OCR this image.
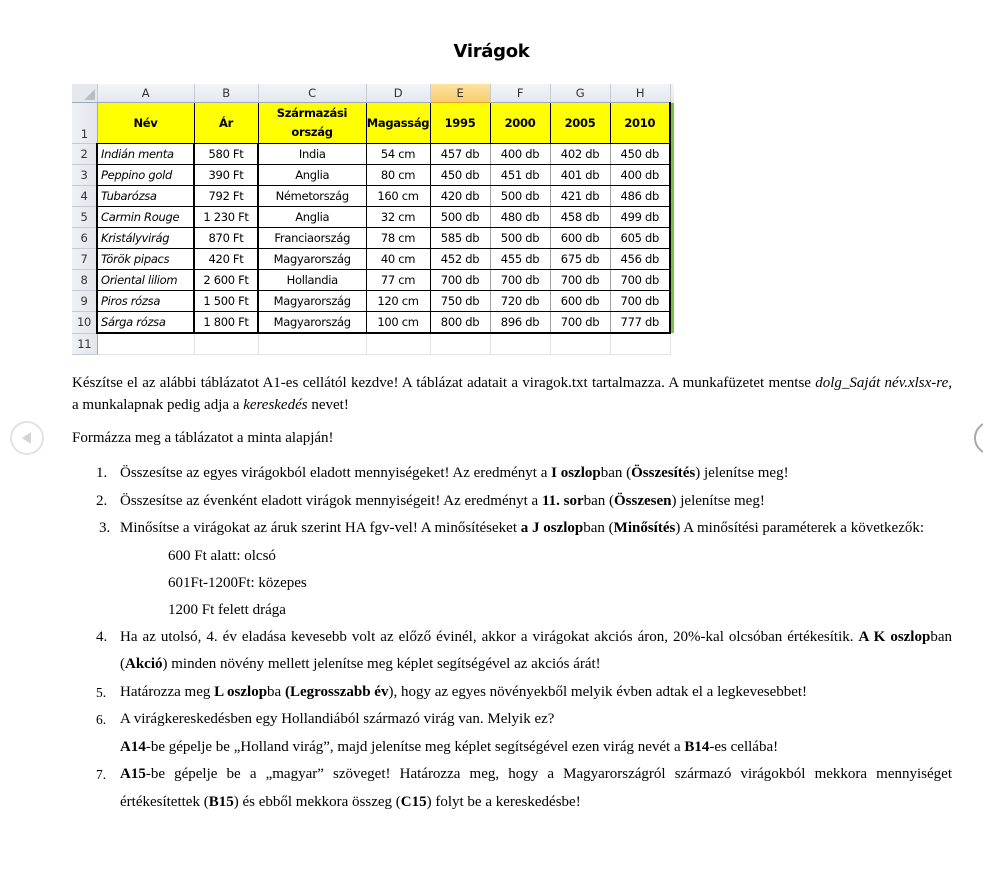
Virágok
	A	B	C	D	E	F	G	H	
1	Név	Ár	Származási ország	Magasság	1995	2000	2005	2010	
2	Indián menta	580 Ft	India	54 cm	457 db	400 db	402 db	450 db	
3	Peppino gold	390 Ft	Anglia	80 cm	450 db	451 db	401 db	400 db	
4	Tubarózsa	792 Ft	Németország	160 cm	420 db	500 db	421 db	486 db	
5	Carmin Rouge	1 230 Ft	Anglia	32 cm	500 db	480 db	458 db	499 db	
6	Kristályvirág	870 Ft	Franciaország	78 cm	585 db	500 db	600 db	605 db	
7	Török pipacs	420 Ft	Magyarország	40 cm	452 db	455 db	675 db	456 db	
8	Oriental liliom	2 600 Ft	Hollandia	77 cm	700 db	700 db	700 db	700 db	
9	Piros rózsa	1 500 Ft	Magyarország	120 cm	750 db	720 db	600 db	700 db	
10	Sárga rózsa	1 800 Ft	Magyarország	100 cm	800 db	896 db	700 db	777 db	
11									
Készítse el az alábbi táblázatot A1-es cellától kezdve! A táblázat adatait a viragok.txt tartalmazza. A munkafüzetet mentse dolg_Saját név.xlsx-re, a munkalapnak pedig adja a kereskedés nevet!
Formázza meg a táblázatot a minta alapján!
1. Összesítse az egyes virágokból eladott mennyiségeket! Az eredményt a I oszlopban (Összesítés) jelenítse meg!
2. Összesítse az évenként eladott virágok mennyiségeit! Az eredményt a 11. sorban (Összesen) jelenítse meg!
3. Minősítse a virágokat az áruk szerint HA fgv-vel! A minősítéseket a J oszlopban (Minősítés) A minősítési paraméterek a következők:
600 Ft alatt: olcsó
601Ft-1200Ft: közepes
1200 Ft felett drága
4. Ha az utolsó, 4. év eladása kevesebb volt az előző évinél, akkor a virágokat akciós áron, 20%-kal olcsóban értékesítik. A K oszlopban (Akció) minden növény mellett jelenítse meg képlet segítségével az akciós árát!
5. Határozza meg L oszlopba (Legrosszabb év), hogy az egyes növényekből melyik évben adtak el a legkevesebbet!
6. A virágkereskedésben egy Hollandiából származó virág van. Melyik ez?
A14-be gépelje be „Holland virág”, majd jelenítse meg képlet segítségével ezen virág nevét a B14-es cellába!
7. A15-be gépelje be a „magyar” szöveget! Határozza meg, hogy a Magyarországról származó virágokból mekkora mennyiséget értékesítettek (B15) és ebből mekkora összeg (C15) folyt be a kereskedésbe!
